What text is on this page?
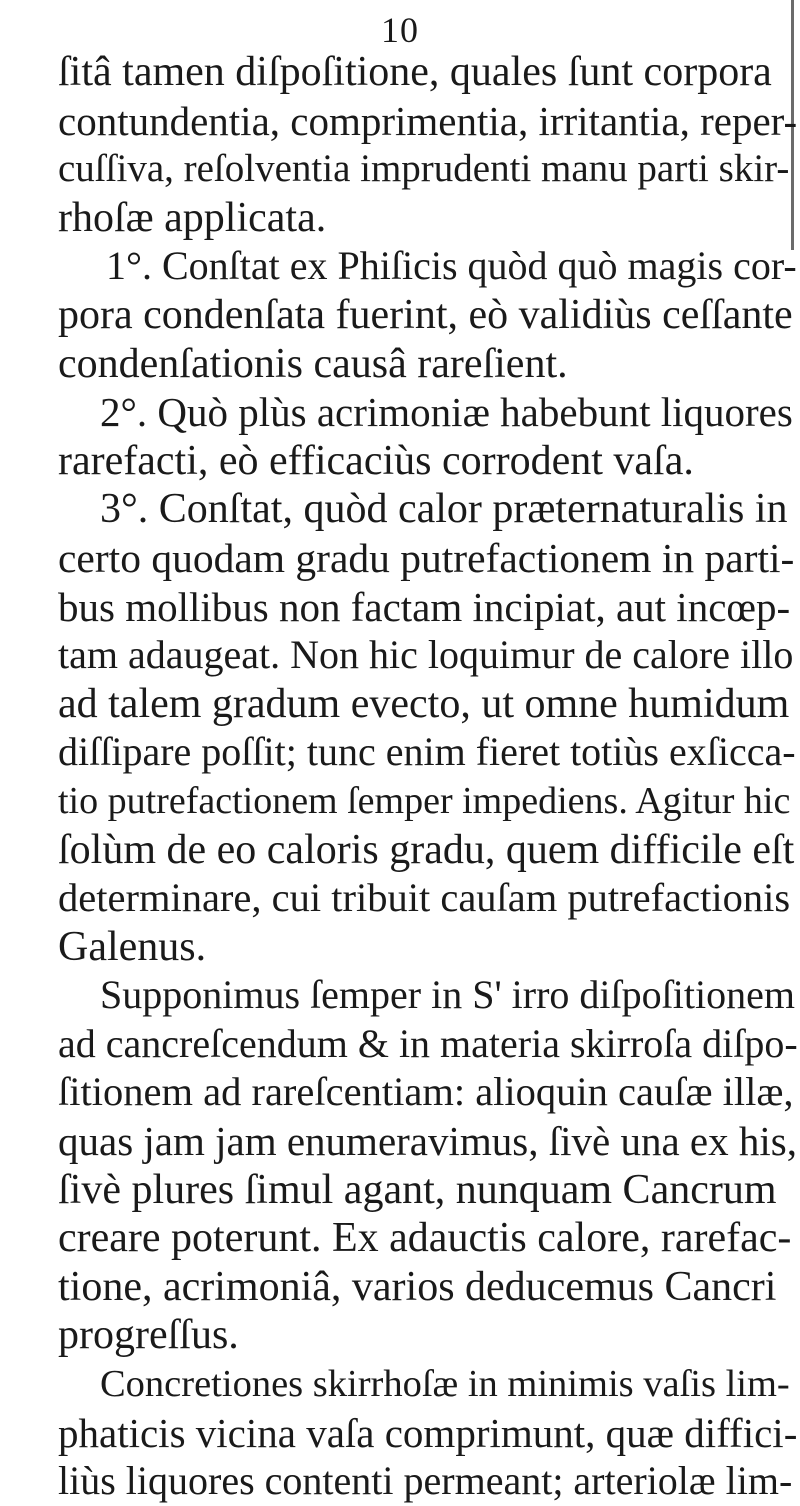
10
ſitâ tamen diſpoſitione, quales ſunt corpora
contundentia, comprimentia, irritantia, reper-
cuſſiva, reſolventia imprudenti manu parti skir-
rhoſæ applicata.
1°. Conſtat ex Phiſicis quòd quò magis cor-
pora condenſata fuerint, eò validiùs ceſſante
condenſationis causâ rareſient.
2°. Quò plùs acrimoniæ habebunt liquores
rarefacti, eò efficaciùs corrodent vaſa.
3°. Conſtat, quòd calor præternaturalis in
certo quodam gradu putrefactionem in parti-
bus mollibus non factam incipiat, aut incœp-
tam adaugeat. Non hic loquimur de calore illo
ad talem gradum evecto, ut omne humidum
diſſipare poſſit; tunc enim fieret totiùs exſicca-
tio putrefactionem ſemper impediens. Agitur hic
ſolùm de eo caloris gradu, quem difficile eſt
determinare, cui tribuit cauſam putrefactionis
Galenus.
Supponimus ſemper in S' irro diſpoſitionem
ad cancreſcendum & in materia skirroſa diſpo-
ſitionem ad rareſcentiam: alioquin cauſæ illæ,
quas jam jam enumeravimus, ſivè una ex his,
ſivè plures ſimul agant, nunquam Cancrum
creare poterunt. Ex adauctis calore, rarefac-
tione, acrimoniâ, varios deducemus Cancri
progreſſus.
Concretiones skirrhoſæ in minimis vaſis lim-
phaticis vicina vaſa comprimunt, quæ diffici-
liùs liquores contenti permeant; arteriolæ lim-
